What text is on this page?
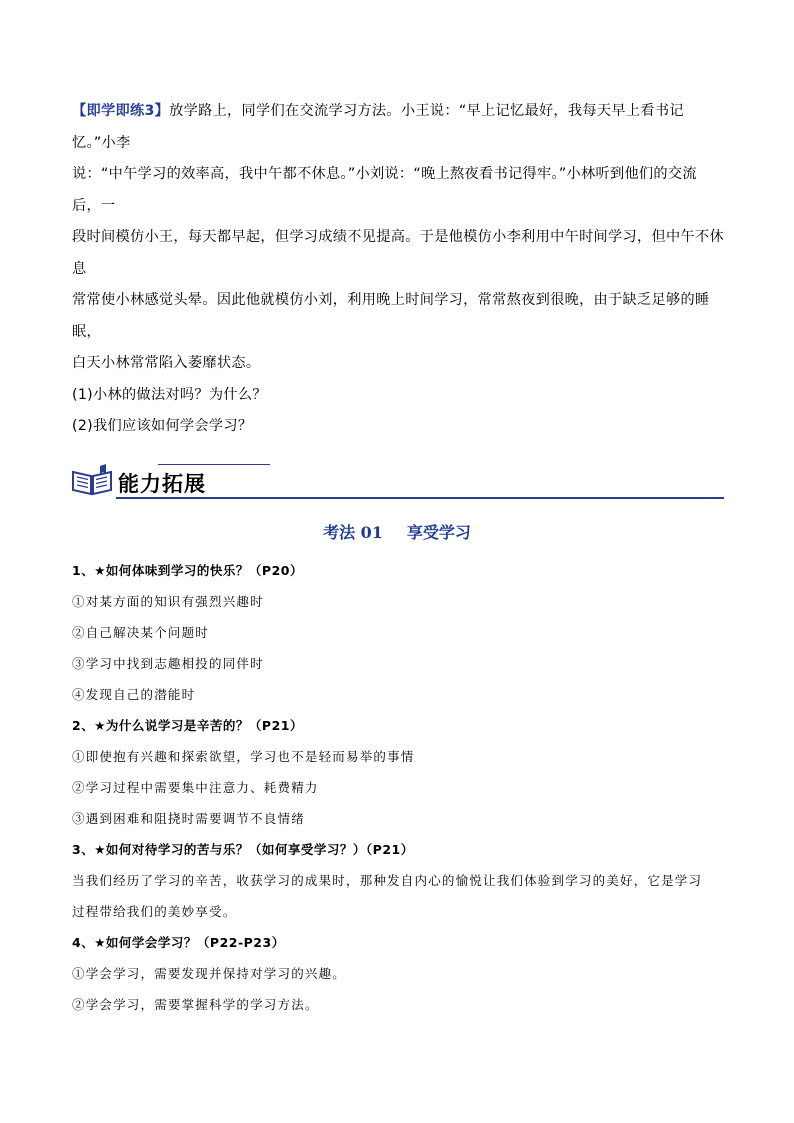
【即学即练3】放学路上，同学们在交流学习方法。小王说：“早上记忆最好，我每天早上看书记忆。”小李

说：“中午学习的效率高，我中午都不休息。”小刘说：“晚上熬夜看书记得牢。”小林听到他们的交流后，一

段时间模仿小王，每天都早起，但学习成绩不见提高。于是他模仿小李利用中午时间学习，但中午不休息

常常使小林感觉头晕。因此他就模仿小刘，利用晚上时间学习，常常熬夜到很晚，由于缺乏足够的睡眠，

白天小林常常陷入萎靡状态。

(1)小林的做法对吗？为什么？

(2)我们应该如何学会学习？

能力拓展
考法 01 享受学习

1、★如何体味到学习的快乐？（P20）

①对某方面的知识有强烈兴趣时

②自己解决某个问题时

③学习中找到志趣相投的同伴时

④发现自己的潜能时

2、★为什么说学习是辛苦的？（P21）

①即使抱有兴趣和探索欲望，学习也不是轻而易举的事情

②学习过程中需要集中注意力、耗费精力

③遇到困难和阻挠时需要调节不良情绪

3、★如何对待学习的苦与乐？（如何享受学习？）（P21）

当我们经历了学习的辛苦，收获学习的成果时，那种发自内心的愉悦让我们体验到学习的美好，它是学习

过程带给我们的美妙享受。

4、★如何学会学习？（P22-P23）

①学会学习，需要发现并保持对学习的兴趣。

②学会学习，需要掌握科学的学习方法。
